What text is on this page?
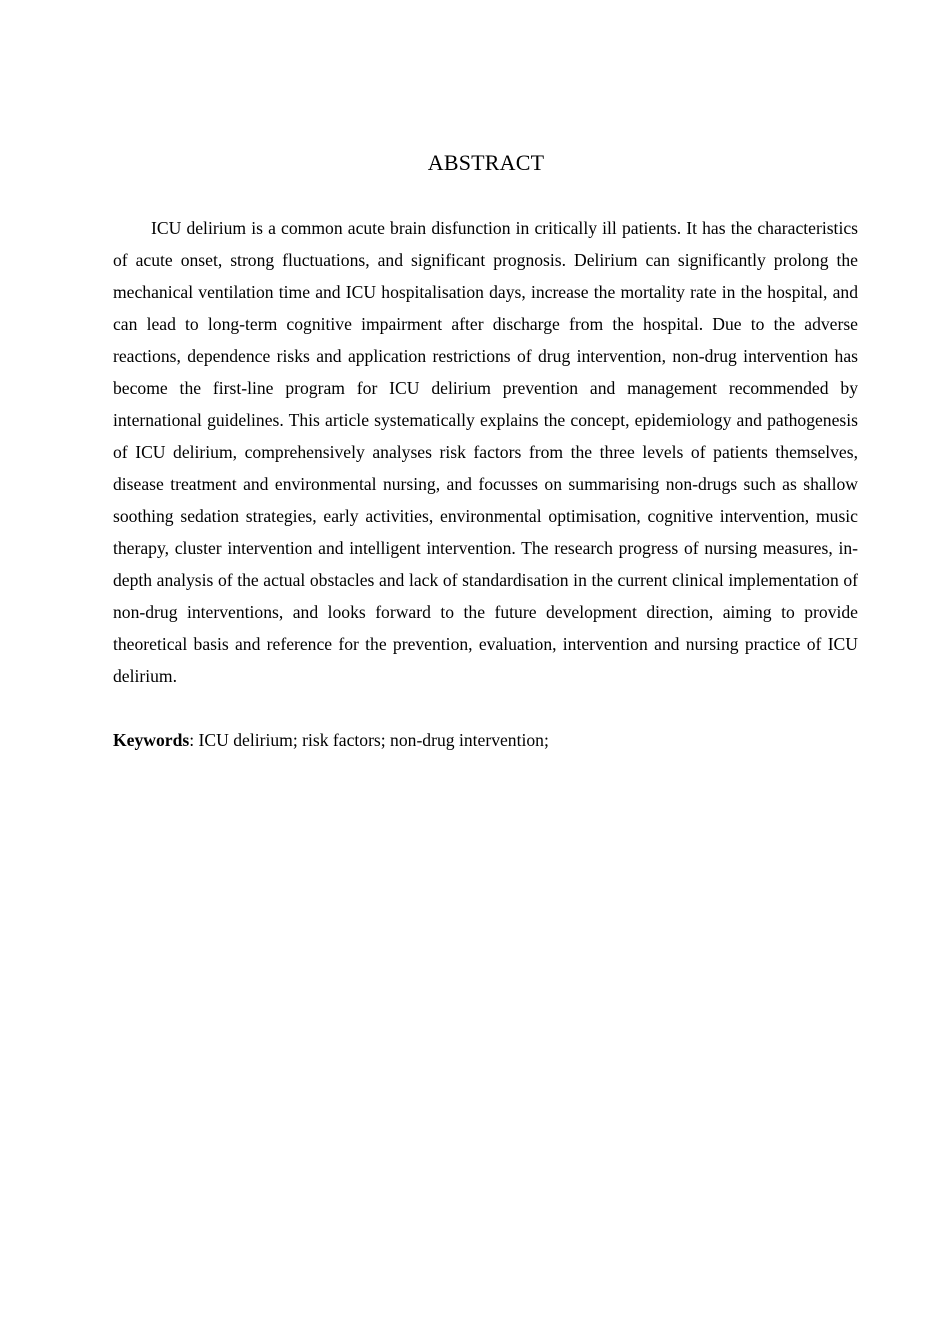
ABSTRACT

ICU delirium is a common acute brain disfunction in critically ill patients. It has the characteristics of acute onset, strong fluctuations, and significant prognosis. Delirium can significantly prolong the mechanical ventilation time and ICU hospitalisation days, increase the mortality rate in the hospital, and can lead to long-term cognitive impairment after discharge from the hospital. Due to the adverse reactions, dependence risks and application restrictions of drug intervention, non-drug intervention has become the first-line program for ICU delirium prevention and management recommended by international guidelines. This article systematically explains the concept, epidemiology and pathogenesis of ICU delirium, comprehensively analyses risk factors from the three levels of patients themselves, disease treatment and environmental nursing, and focusses on summarising non-drugs such as shallow soothing sedation strategies, early activities, environmental optimisation, cognitive intervention, music therapy, cluster intervention and intelligent intervention. The research progress of nursing measures, in-depth analysis of the actual obstacles and lack of standardisation in the current clinical implementation of non-drug interventions, and looks forward to the future development direction, aiming to provide theoretical basis and reference for the prevention, evaluation, intervention and nursing practice of ICU delirium.

Keywords: ICU delirium; risk factors; non-drug intervention;
